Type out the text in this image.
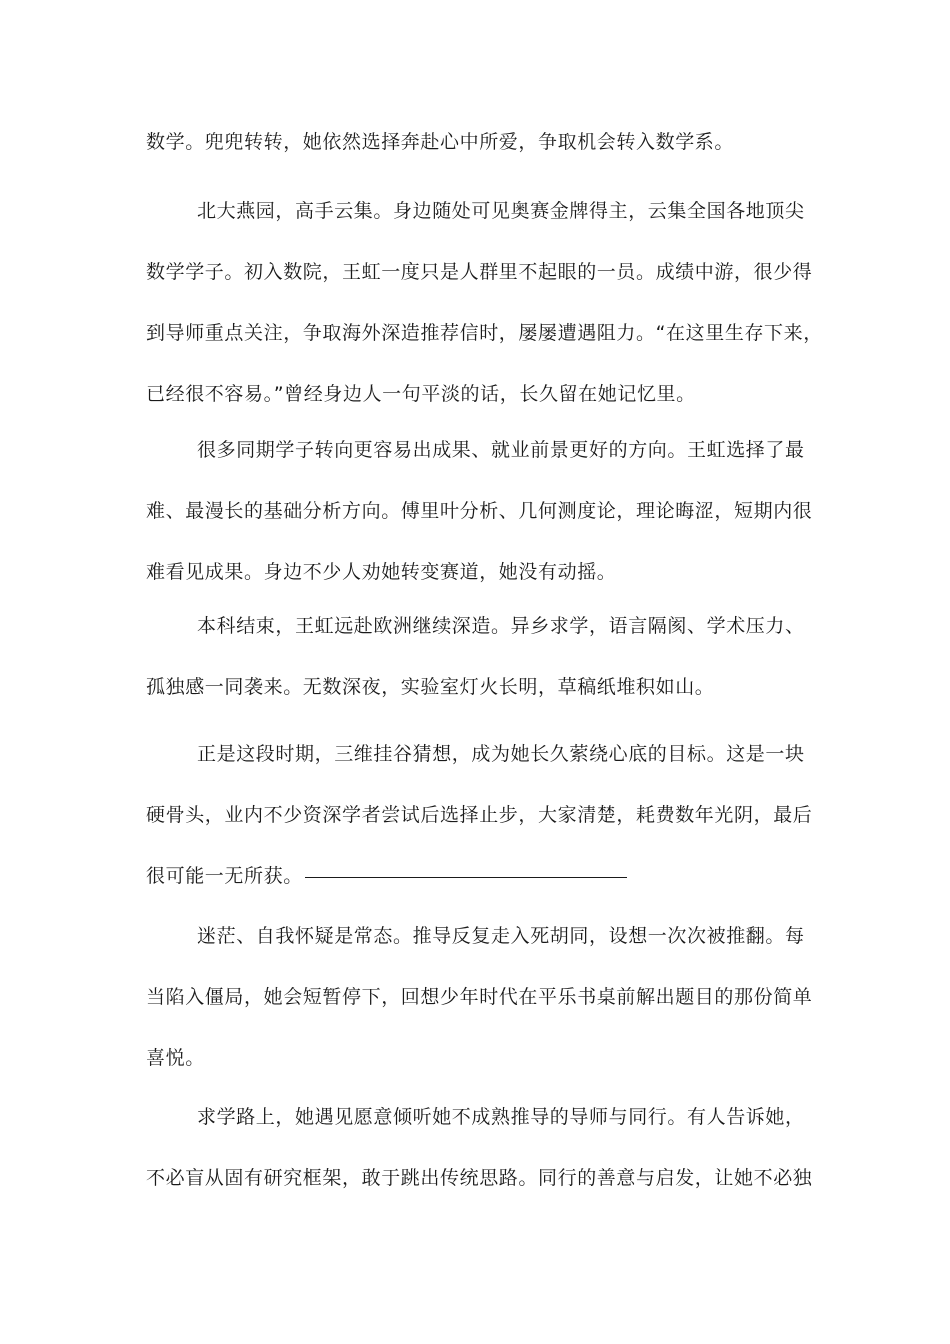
数学。兜兜转转，她依然选择奔赴心中所爱，争取机会转入数学系。
北大燕园，高手云集。身边随处可见奥赛金牌得主，云集全国各地顶尖
数学学子。初入数院，王虹一度只是人群里不起眼的一员。成绩中游，很少得
到导师重点关注，争取海外深造推荐信时，屡屡遭遇阻力。“在这里生存下来，
已经很不容易。”曾经身边人一句平淡的话，长久留在她记忆里。
很多同期学子转向更容易出成果、就业前景更好的方向。王虹选择了最
难、最漫长的基础分析方向。傅里叶分析、几何测度论，理论晦涩，短期内很
难看见成果。身边不少人劝她转变赛道，她没有动摇。
本科结束，王虹远赴欧洲继续深造。异乡求学，语言隔阂、学术压力、
孤独感一同袭来。无数深夜，实验室灯火长明，草稿纸堆积如山。
正是这段时期，三维挂谷猜想，成为她长久萦绕心底的目标。这是一块
硬骨头，业内不少资深学者尝试后选择止步，大家清楚，耗费数年光阴，最后
很可能一无所获。
迷茫、自我怀疑是常态。推导反复走入死胡同，设想一次次被推翻。每
当陷入僵局，她会短暂停下，回想少年时代在平乐书桌前解出题目的那份简单
喜悦。
求学路上，她遇见愿意倾听她不成熟推导的导师与同行。有人告诉她，
不必盲从固有研究框架，敢于跳出传统思路。同行的善意与启发，让她不必独
